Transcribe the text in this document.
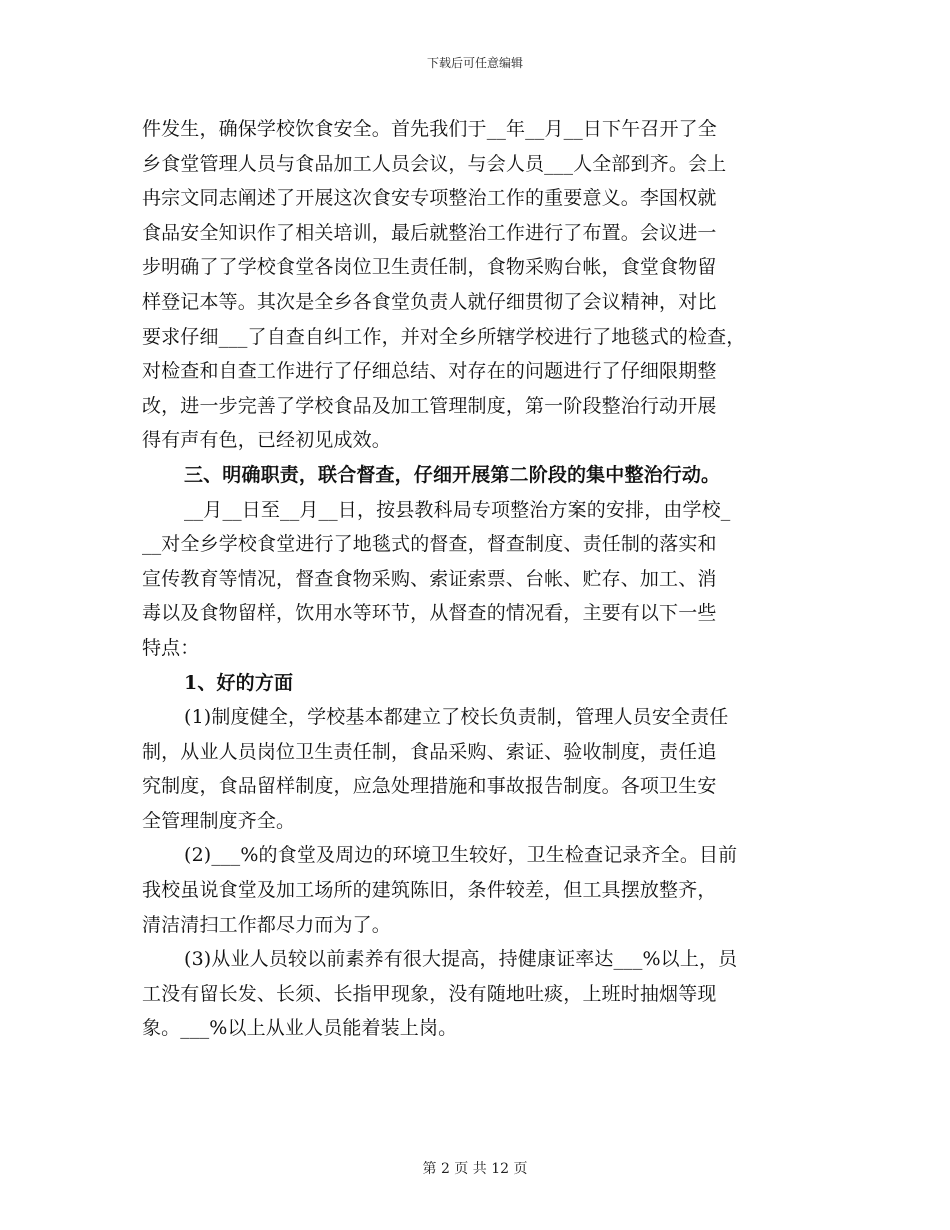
下载后可任意编辑
件发生，确保学校饮食安全。首先我们于__年__月__日下午召开了全
乡食堂管理人员与食品加工人员会议，与会人员___人全部到齐。会上
冉宗文同志阐述了开展这次食安专项整治工作的重要意义。李国权就
食品安全知识作了相关培训，最后就整治工作进行了布置。会议进一
步明确了了学校食堂各岗位卫生责任制，食物采购台帐，食堂食物留
样登记本等。其次是全乡各食堂负责人就仔细贯彻了会议精神，对比
要求仔细___了自查自纠工作，并对全乡所辖学校进行了地毯式的检查，
对检查和自查工作进行了仔细总结、对存在的问题进行了仔细限期整
改，进一步完善了学校食品及加工管理制度，第一阶段整治行动开展
得有声有色，已经初见成效。
三、明确职责，联合督查，仔细开展第二阶段的集中整治行动。
__月__日至__月__日，按县教科局专项整治方案的安排，由学校_
__对全乡学校食堂进行了地毯式的督查，督查制度、责任制的落实和
宣传教育等情况，督查食物采购、索证索票、台帐、贮存、加工、消
毒以及食物留样，饮用水等环节，从督查的情况看，主要有以下一些
特点：
1、好的方面
(1)制度健全，学校基本都建立了校长负责制，管理人员安全责任
制，从业人员岗位卫生责任制，食品采购、索证、验收制度，责任追
究制度，食品留样制度，应急处理措施和事故报告制度。各项卫生安
全管理制度齐全。
(2)___%的食堂及周边的环境卫生较好，卫生检查记录齐全。目前
我校虽说食堂及加工场所的建筑陈旧，条件较差，但工具摆放整齐，
清洁清扫工作都尽力而为了。
(3)从业人员较以前素养有很大提高，持健康证率达___%以上，员
工没有留长发、长须、长指甲现象，没有随地吐痰，上班时抽烟等现
象。___%以上从业人员能着装上岗。
第 2 页 共 12 页
